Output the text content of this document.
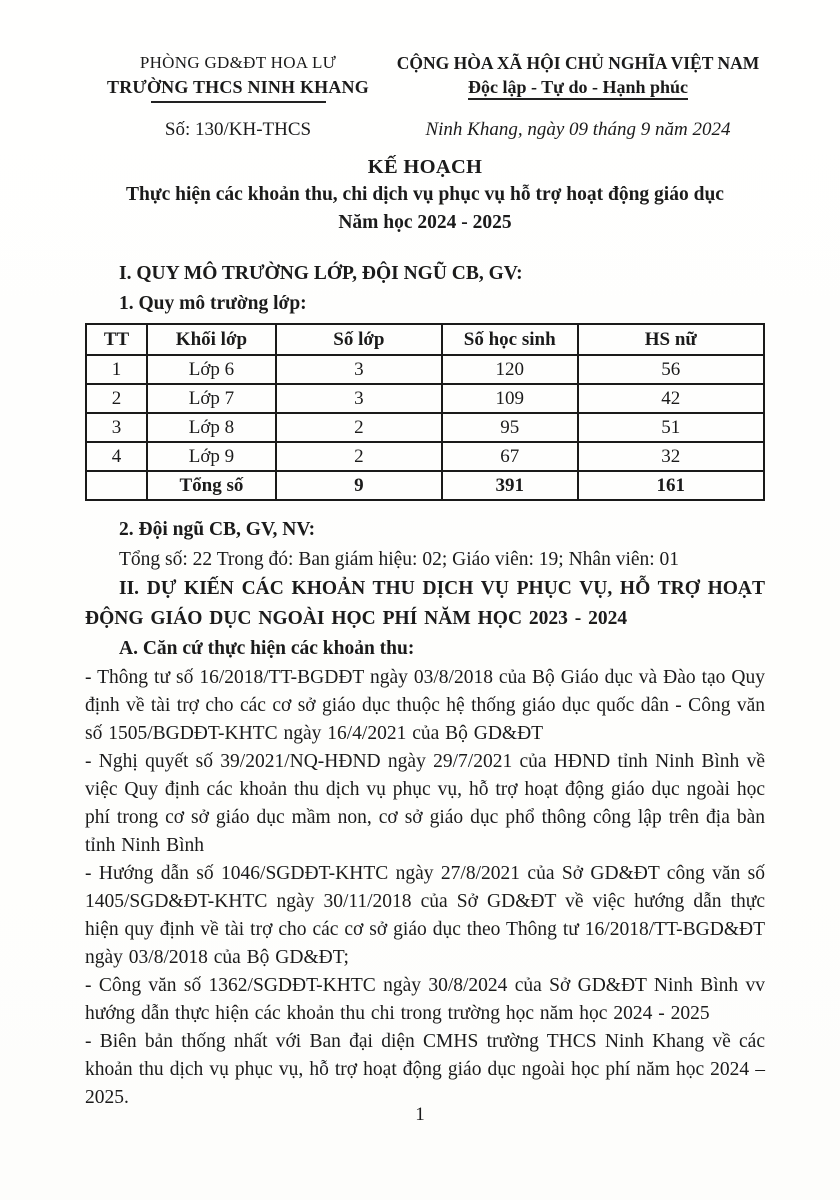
PHÒNG GD&ĐT HOA LƯ
TRƯỜNG THCS NINH KHANG
CỘNG HÒA XÃ HỘI CHỦ NGHĨA VIỆT NAM
Độc lập - Tự do - Hạnh phúc
Số: 130/KH-THCS	Ninh Khang, ngày 09 tháng 9 năm 2024
KẾ HOẠCH
Thực hiện các khoản thu, chi dịch vụ phục vụ hỗ trợ hoạt động giáo dục
Năm học 2024 - 2025
I. QUY MÔ TRƯỜNG LỚP, ĐỘI NGŨ CB, GV:
1. Quy mô trường lớp:
TT	Khối lớp	Số lớp	Số học sinh	HS nữ
1	Lớp 6	3	120	56
2	Lớp 7	3	109	42
3	Lớp 8	2	95	51
4	Lớp 9	2	67	32
	Tổng số	9	391	161
2. Đội ngũ CB, GV, NV:
Tổng số: 22 Trong đó: Ban giám hiệu: 02; Giáo viên: 19; Nhân viên: 01
II. DỰ KIẾN CÁC KHOẢN THU DỊCH VỤ PHỤC VỤ, HỖ TRỢ HOẠT ĐỘNG GIÁO DỤC NGOÀI HỌC PHÍ NĂM HỌC 2023 - 2024
A. Căn cứ thực hiện các khoản thu:
- Thông tư số 16/2018/TT-BGDĐT ngày 03/8/2018 của Bộ Giáo dục và Đào tạo Quy định về tài trợ cho các cơ sở giáo dục thuộc hệ thống giáo dục quốc dân - Công văn số 1505/BGDĐT-KHTC ngày 16/4/2021 của Bộ GD&ĐT
- Nghị quyết số 39/2021/NQ-HĐND ngày 29/7/2021 của HĐND tỉnh Ninh Bình về việc Quy định các khoản thu dịch vụ phục vụ, hỗ trợ hoạt động giáo dục ngoài học phí trong cơ sở giáo dục mầm non, cơ sở giáo dục phổ thông công lập trên địa bàn tỉnh Ninh Bình
- Hướng dẫn số 1046/SGDĐT-KHTC ngày 27/8/2021 của Sở GD&ĐT công văn số 1405/SGD&ĐT-KHTC ngày 30/11/2018 của Sở GD&ĐT về việc hướng dẫn thực hiện quy định về tài trợ cho các cơ sở giáo dục theo Thông tư 16/2018/TT-BGD&ĐT ngày 03/8/2018 của Bộ GD&ĐT;
- Công văn số 1362/SGDĐT-KHTC ngày 30/8/2024 của Sở GD&ĐT Ninh Bình vv hướng dẫn thực hiện các khoản thu chi trong trường học năm học 2024 - 2025
- Biên bản thống nhất với Ban đại diện CMHS trường THCS Ninh Khang về các khoản thu dịch vụ phục vụ, hỗ trợ hoạt động giáo dục ngoài học phí năm học 2024 – 2025.
1
